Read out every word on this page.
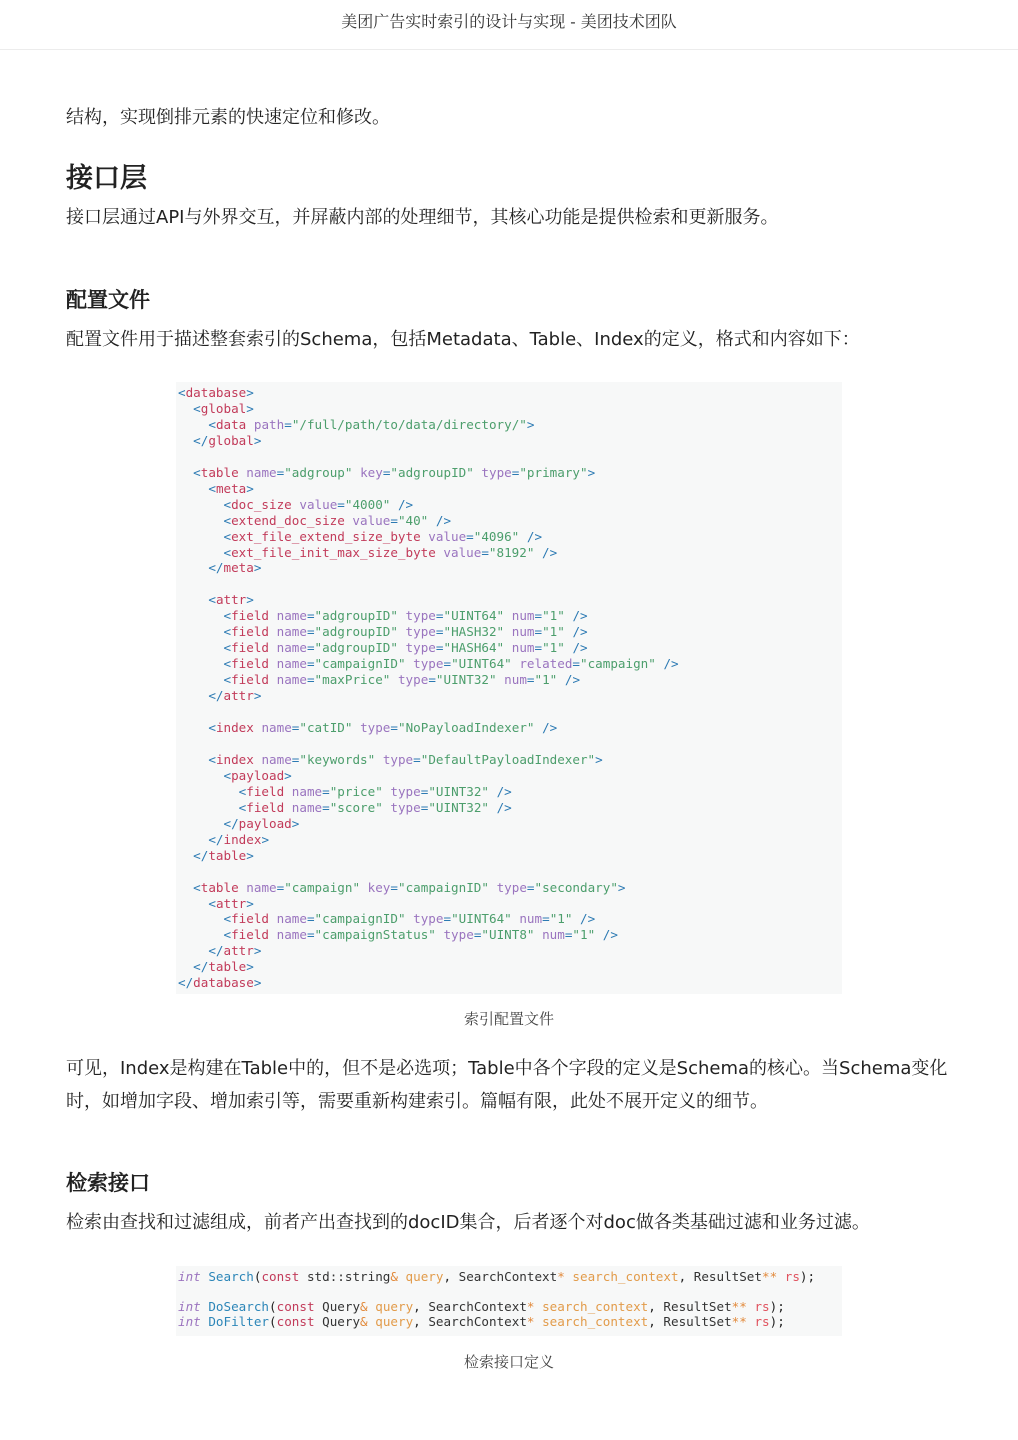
美团广告实时索引的设计与实现 - 美团技术团队
结构，实现倒排元素的快速定位和修改。
接口层
接口层通过API与外界交互，并屏蔽内部的处理细节，其核心功能是提供检索和更新服务。
配置文件
配置文件用于描述整套索引的Schema，包括Metadata、Table、Index的定义，格式和内容如下：
<database>
<global>
<data path="/full/path/to/data/directory/">
</global>

<table name="adgroup" key="adgroupID" type="primary">
<meta>
<doc_size value="4000" />
<extend_doc_size value="40" />
<ext_file_extend_size_byte value="4096" />
<ext_file_init_max_size_byte value="8192" />
</meta>

<attr>
<field name="adgroupID" type="UINT64" num="1" />
<field name="adgroupID" type="HASH32" num="1" />
<field name="adgroupID" type="HASH64" num="1" />
<field name="campaignID" type="UINT64" related="campaign" />
<field name="maxPrice" type="UINT32" num="1" />
</attr>

<index name="catID" type="NoPayloadIndexer" />

<index name="keywords" type="DefaultPayloadIndexer">
<payload>
<field name="price" type="UINT32" />
<field name="score" type="UINT32" />
</payload>
</index>
</table>

<table name="campaign" key="campaignID" type="secondary">
<attr>
<field name="campaignID" type="UINT64" num="1" />
<field name="campaignStatus" type="UINT8" num="1" />
</attr>
</table>
</database>
索引配置文件
可见，Index是构建在Table中的，但不是必选项；Table中各个字段的定义是Schema的核心。当Schema变化时，如增加字段、增加索引等，需要重新构建索引。篇幅有限，此处不展开定义的细节。
检索接口
检索由查找和过滤组成，前者产出查找到的docID集合，后者逐个对doc做各类基础过滤和业务过滤。
int Search(const std::string& query, SearchContext* search_context, ResultSet** rs);

int DoSearch(const Query& query, SearchContext* search_context, ResultSet** rs);
int DoFilter(const Query& query, SearchContext* search_context, ResultSet** rs);
检索接口定义
